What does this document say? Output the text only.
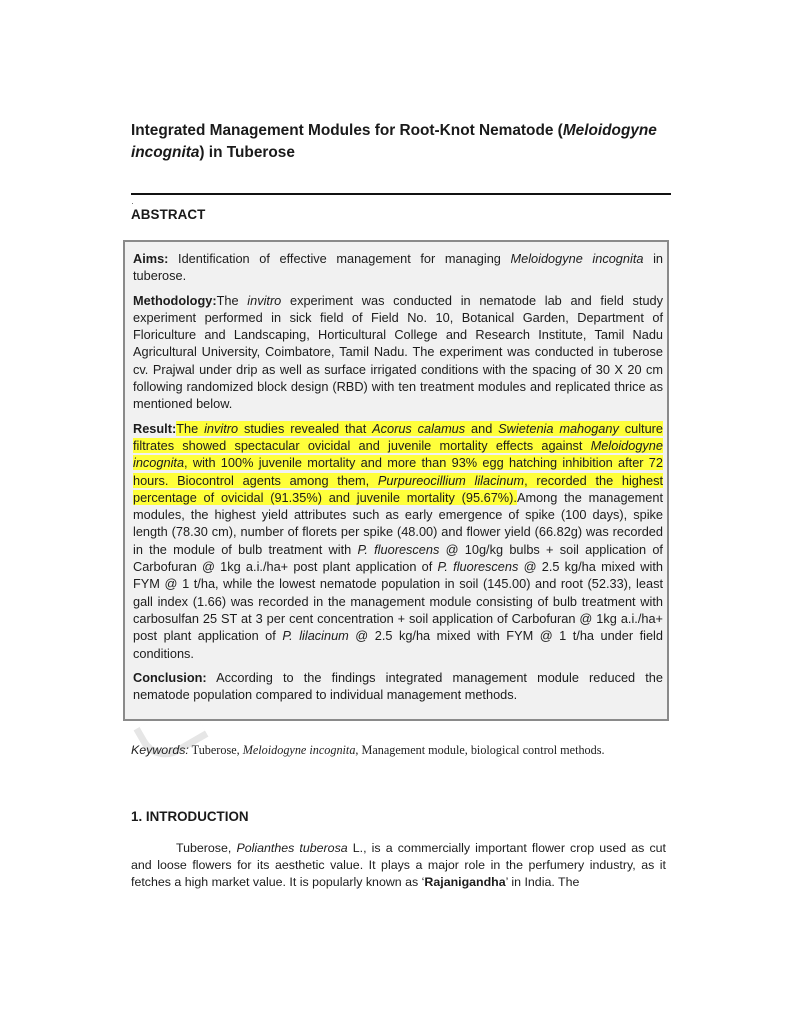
Integrated Management Modules for Root-Knot Nematode (Meloidogyne incognita) in Tuberose
ABSTRACT

Aims: Identification of effective management for managing Meloidogyne incognita in tuberose.

Methodology:The invitro experiment was conducted in nematode lab and field study experiment performed in sick field of Field No. 10, Botanical Garden, Department of Floriculture and Landscaping, Horticultural College and Research Institute, Tamil Nadu Agricultural University, Coimbatore, Tamil Nadu. The experiment was conducted in tuberose cv. Prajwal under drip as well as surface irrigated conditions with the spacing of 30 X 20 cm following randomized block design (RBD) with ten treatment modules and replicated thrice as mentioned below.

Result:The invitro studies revealed that Acorus calamus and Swietenia mahogany culture filtrates showed spectacular ovicidal and juvenile mortality effects against Meloidogyne incognita, with 100% juvenile mortality and more than 93% egg hatching inhibition after 72 hours. Biocontrol agents among them, Purpureocillium lilacinum, recorded the highest percentage of ovicidal (91.35%) and juvenile mortality (95.67%).Among the management modules, the highest yield attributes such as early emergence of spike (100 days), spike length (78.30 cm), number of florets per spike (48.00) and flower yield (66.82g) was recorded in the module of bulb treatment with P. fluorescens @ 10g/kg bulbs + soil application of Carbofuran @ 1kg a.i./ha+ post plant application of P. fluorescens @ 2.5 kg/ha mixed with FYM @ 1 t/ha, while the lowest nematode population in soil (145.00) and root (52.33), least gall index (1.66) was recorded in the management module consisting of bulb treatment with carbosulfan 25 ST at 3 per cent concentration + soil application of Carbofuran @ 1kg a.i./ha+ post plant application of P. lilacinum @ 2.5 kg/ha mixed with FYM @ 1 t/ha under field conditions.

Conclusion: According to the findings integrated management module reduced the nematode population compared to individual management methods.

Keywords: Tuberose, Meloidogyne incognita, Management module, biological control methods.
1. INTRODUCTION
Tuberose, Polianthes tuberosa L., is a commercially important flower crop used as cut and loose flowers for its aesthetic value. It plays a major role in the perfumery industry, as it fetches a high market value. It is popularly known as ‘Rajanigandha’ in India. The
